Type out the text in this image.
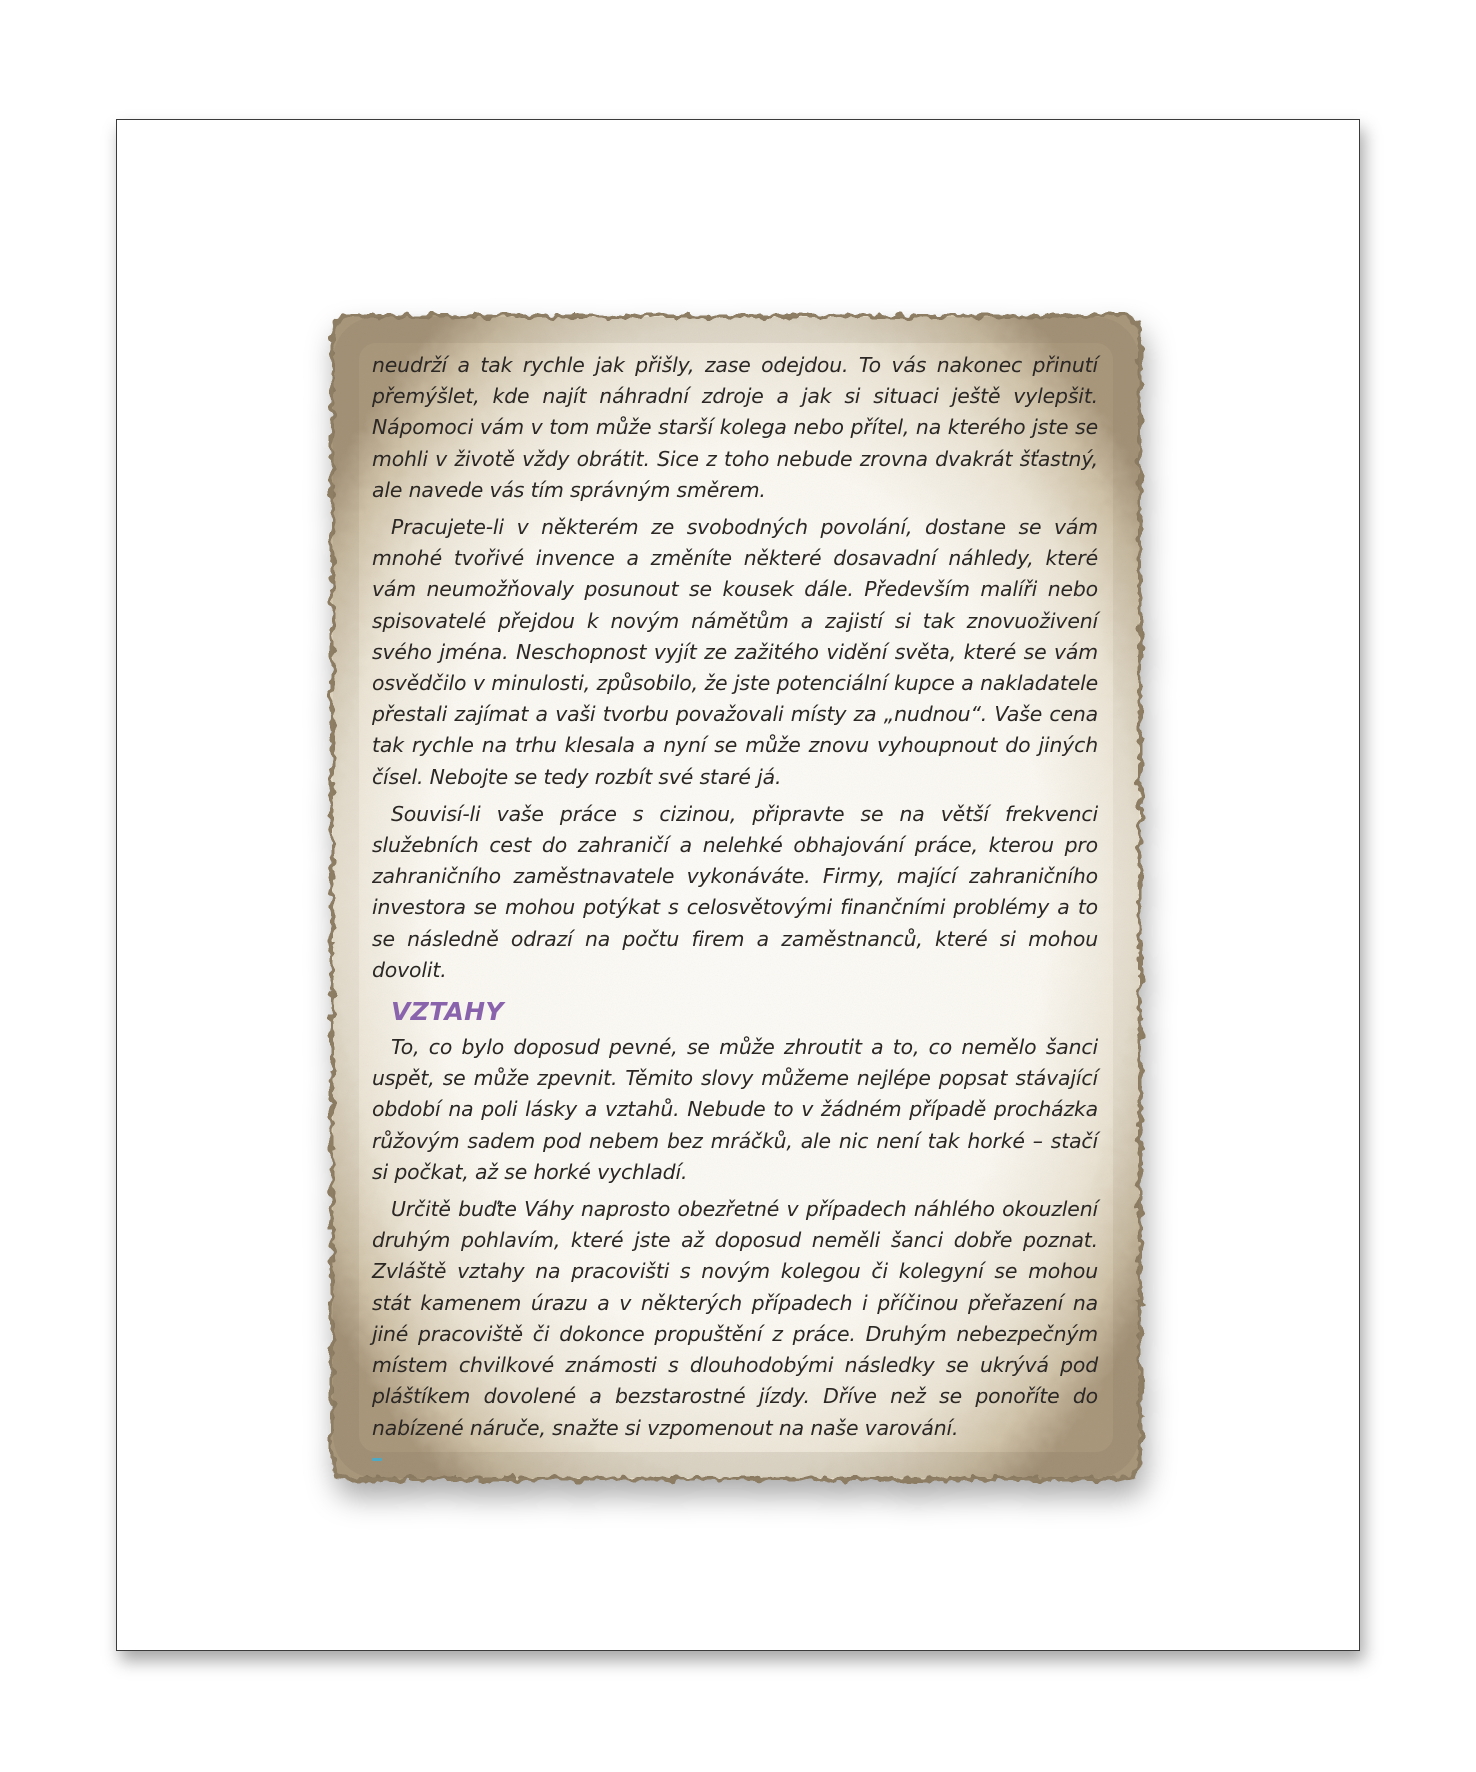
neudrží a tak rychle jak přišly, zase odejdou. To vás nakonec přinutí přemýšlet, kde najít náhradní zdroje a jak si situaci ještě vylepšit. Nápomoci vám v tom může starší kolega nebo přítel, na kterého jste se mohli v životě vždy obrátit. Sice z toho nebude zrovna dvakrát šťastný, ale navede vás tím správným směrem.

Pracujete-li v některém ze svobodných povolání, dostane se vám mnohé tvořivé invence a změníte některé dosavadní náhledy, které vám neumožňovaly posunout se kousek dále. Především malíři nebo spisovatelé přejdou k novým námětům a zajistí si tak znovuoživení svého jména. Neschopnost vyjít ze zažitého vidění světa, které se vám osvědčilo v minulosti, způsobilo, že jste potenciální kupce a nakladatele přestali zajímat a vaši tvorbu považovali místy za „nudnou“. Vaše cena tak rychle na trhu klesala a nyní se může znovu vyhoupnout do jiných čísel. Nebojte se tedy rozbít své staré já.

Souvisí-li vaše práce s cizinou, připravte se na větší frekvenci služebních cest do zahraničí a nelehké obhajování práce, kterou pro zahraničního zaměstnavatele vykonáváte. Firmy, mající zahraničního investora se mohou potýkat s celosvětovými finančními problémy a to se následně odrazí na počtu firem a zaměstnanců, které si mohou dovolit.

VZTAHY

To, co bylo doposud pevné, se může zhroutit a to, co nemělo šanci uspět, se může zpevnit. Těmito slovy můžeme nejlépe popsat stávající období na poli lásky a vztahů. Nebude to v žádném případě procházka růžovým sadem pod nebem bez mráčků, ale nic není tak horké – stačí si počkat, až se horké vychladí.

Určitě buďte Váhy naprosto obezřetné v případech náhlého okouzlení druhým pohlavím, které jste až doposud neměli šanci dobře poznat. Zvláště vztahy na pracovišti s novým kolegou či kolegyní se mohou stát kamenem úrazu a v některých případech i příčinou přeřazení na jiné pracoviště či dokonce propuštění z práce. Druhým nebezpečným místem chvilkové známosti s dlouhodobými následky se ukrývá pod pláštíkem dovolené a bezstarostné jízdy. Dříve než se ponoříte do nabízené náruče, snažte si vzpomenout na naše varování.
